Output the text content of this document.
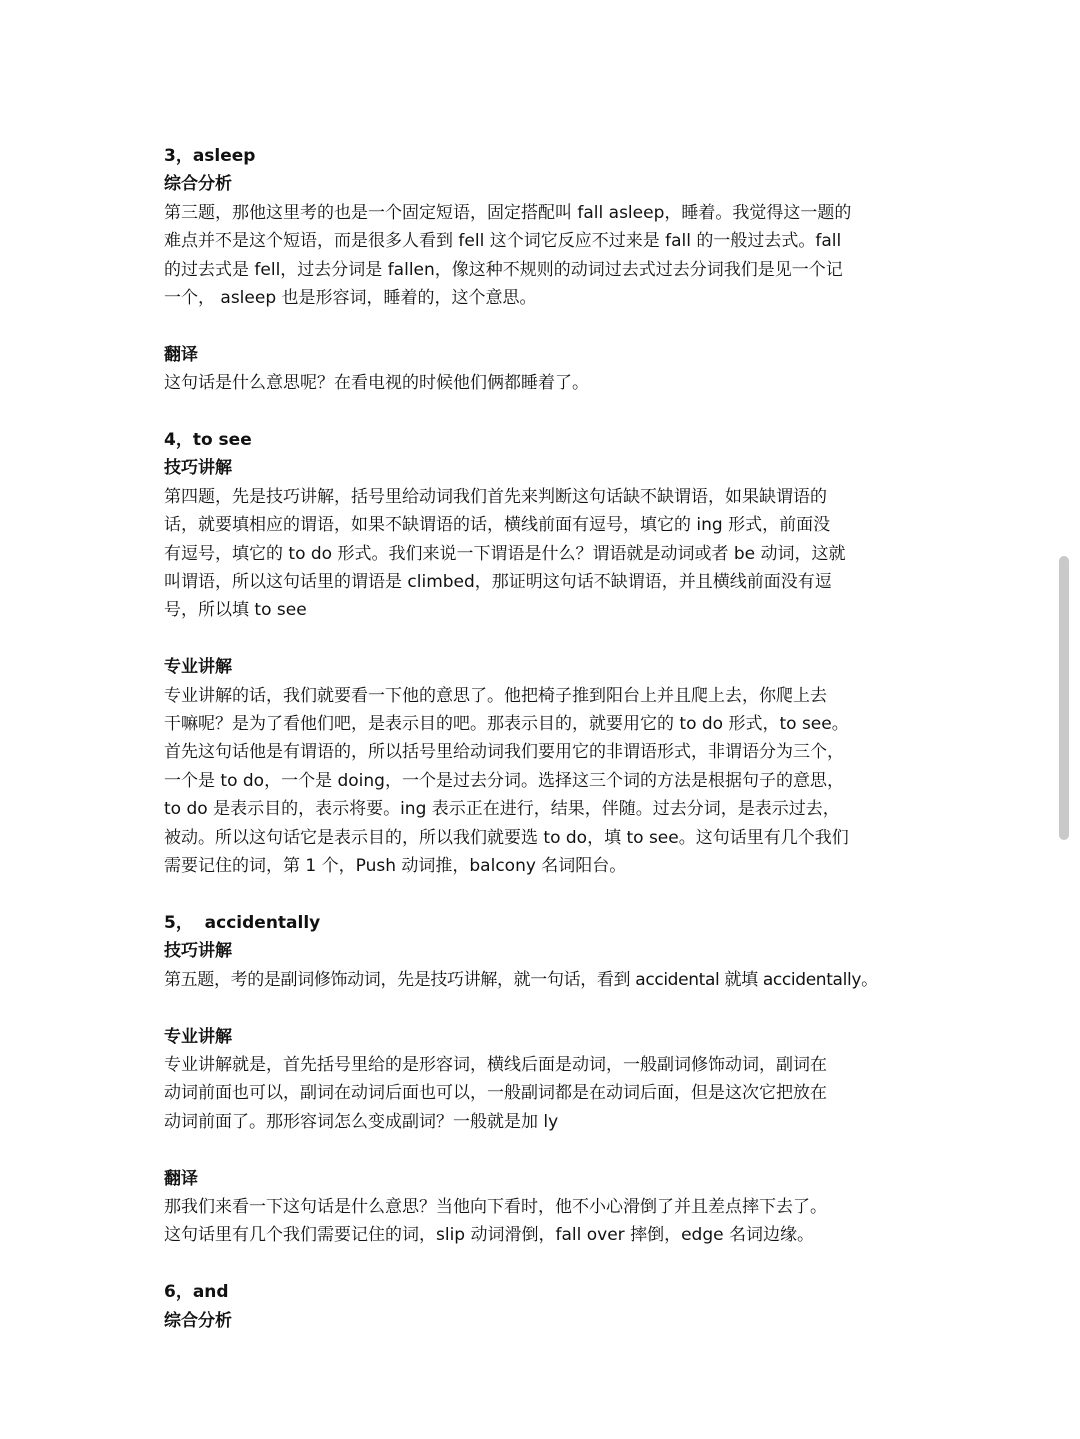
3，asleep
综合分析
第三题，那他这里考的也是一个固定短语，固定搭配叫 fall asleep，睡着。我觉得这一题的
难点并不是这个短语，而是很多人看到 fell 这个词它反应不过来是 fall 的一般过去式。fall
的过去式是 fell，过去分词是 fallen，像这种不规则的动词过去式过去分词我们是见一个记
一个， asleep 也是形容词，睡着的，这个意思。
翻译
这句话是什么意思呢？在看电视的时候他们俩都睡着了。
4，to see
技巧讲解
第四题，先是技巧讲解，括号里给动词我们首先来判断这句话缺不缺谓语，如果缺谓语的
话，就要填相应的谓语，如果不缺谓语的话，横线前面有逗号，填它的 ing 形式，前面没
有逗号，填它的 to do 形式。我们来说一下谓语是什么？谓语就是动词或者 be 动词，这就
叫谓语，所以这句话里的谓语是 climbed，那证明这句话不缺谓语，并且横线前面没有逗
号，所以填 to see
专业讲解
专业讲解的话，我们就要看一下他的意思了。他把椅子推到阳台上并且爬上去，你爬上去
干嘛呢？是为了看他们吧，是表示目的吧。那表示目的，就要用它的 to do 形式，to see。
首先这句话他是有谓语的，所以括号里给动词我们要用它的非谓语形式，非谓语分为三个，
一个是 to do，一个是 doing，一个是过去分词。选择这三个词的方法是根据句子的意思，
to do 是表示目的，表示将要。ing 表示正在进行，结果，伴随。过去分词，是表示过去，
被动。所以这句话它是表示目的，所以我们就要选 to do，填 to see。这句话里有几个我们
需要记住的词，第 1 个，Push 动词推，balcony 名词阳台。
5，  accidentally
技巧讲解
第五题，考的是副词修饰动词，先是技巧讲解，就一句话，看到 accidental 就填 accidentally。
专业讲解
专业讲解就是，首先括号里给的是形容词，横线后面是动词，一般副词修饰动词，副词在
动词前面也可以，副词在动词后面也可以，一般副词都是在动词后面，但是这次它把放在
动词前面了。那形容词怎么变成副词？一般就是加 ly
翻译
那我们来看一下这句话是什么意思？当他向下看时，他不小心滑倒了并且差点摔下去了。
这句话里有几个我们需要记住的词，slip 动词滑倒，fall over 摔倒，edge 名词边缘。
6，and
综合分析
